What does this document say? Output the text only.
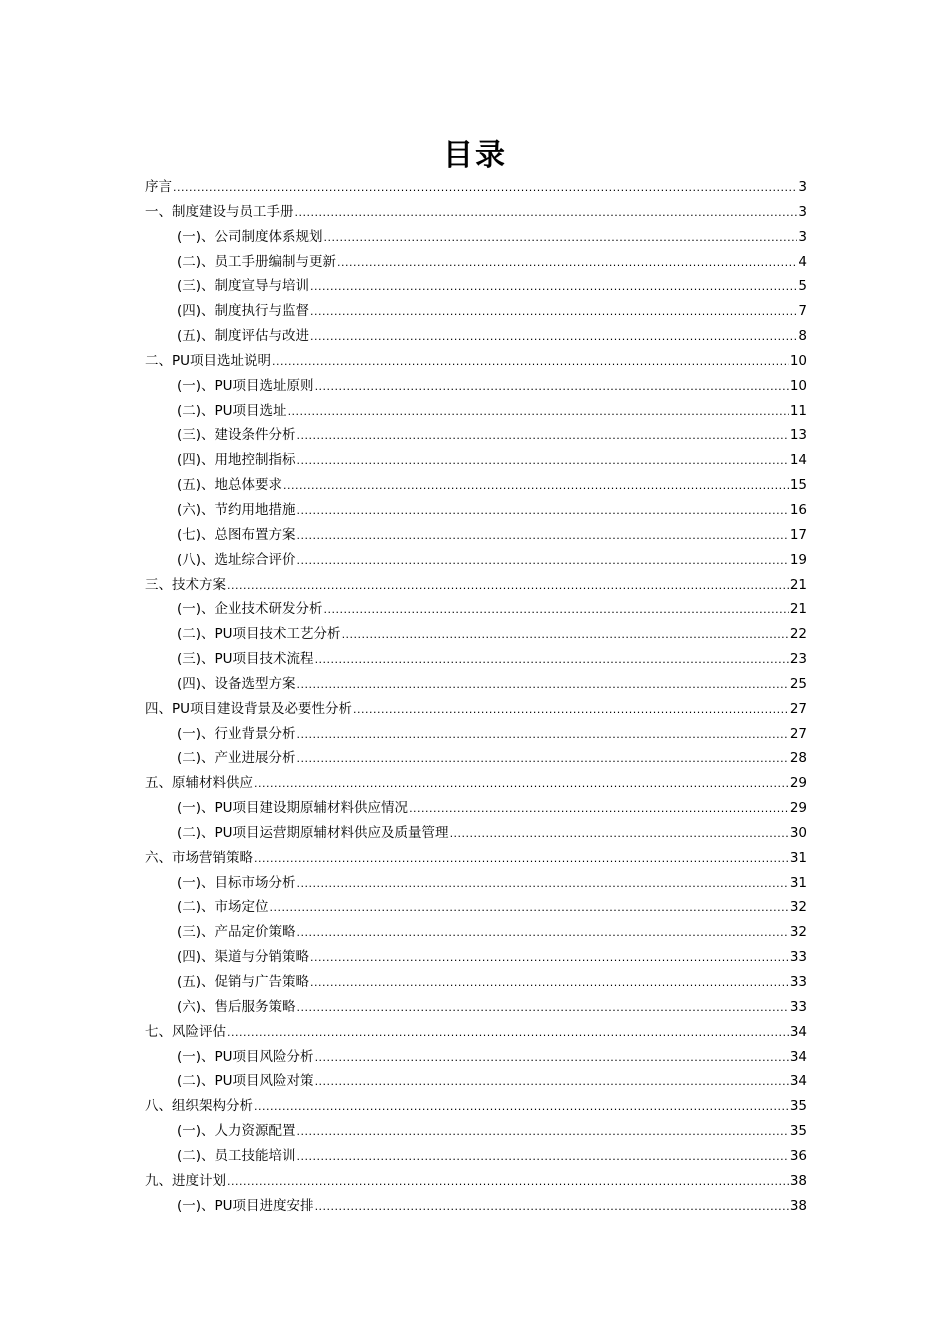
目录
序言 .....	3
一、制度建设与员工手册 .....	3
(一)、公司制度体系规划 .....	3
(二)、员工手册编制与更新 .....	4
(三)、制度宣导与培训 .....	5
(四)、制度执行与监督 .....	7
(五)、制度评估与改进 .....	8
二、PU项目选址说明 .....	10
(一)、PU项目选址原则 .....	10
(二)、PU项目选址 .....	11
(三)、建设条件分析 .....	13
(四)、用地控制指标 .....	14
(五)、地总体要求 .....	15
(六)、节约用地措施 .....	16
(七)、总图布置方案 .....	17
(八)、选址综合评价 .....	19
三、技术方案 .....	21
(一)、企业技术研发分析 .....	21
(二)、PU项目技术工艺分析 .....	22
(三)、PU项目技术流程 .....	23
(四)、设备选型方案 .....	25
四、PU项目建设背景及必要性分析 .....	27
(一)、行业背景分析 .....	27
(二)、产业进展分析 .....	28
五、原辅材料供应 .....	29
(一)、PU项目建设期原辅材料供应情况 .....	29
(二)、PU项目运营期原辅材料供应及质量管理 .....	30
六、市场营销策略 .....	31
(一)、目标市场分析 .....	31
(二)、市场定位 .....	32
(三)、产品定价策略 .....	32
(四)、渠道与分销策略 .....	33
(五)、促销与广告策略 .....	33
(六)、售后服务策略 .....	33
七、风险评估 .....	34
(一)、PU项目风险分析 .....	34
(二)、PU项目风险对策 .....	34
八、组织架构分析 .....	35
(一)、人力资源配置 .....	35
(二)、员工技能培训 .....	36
九、进度计划 .....	38
(一)、PU项目进度安排 .....	38
